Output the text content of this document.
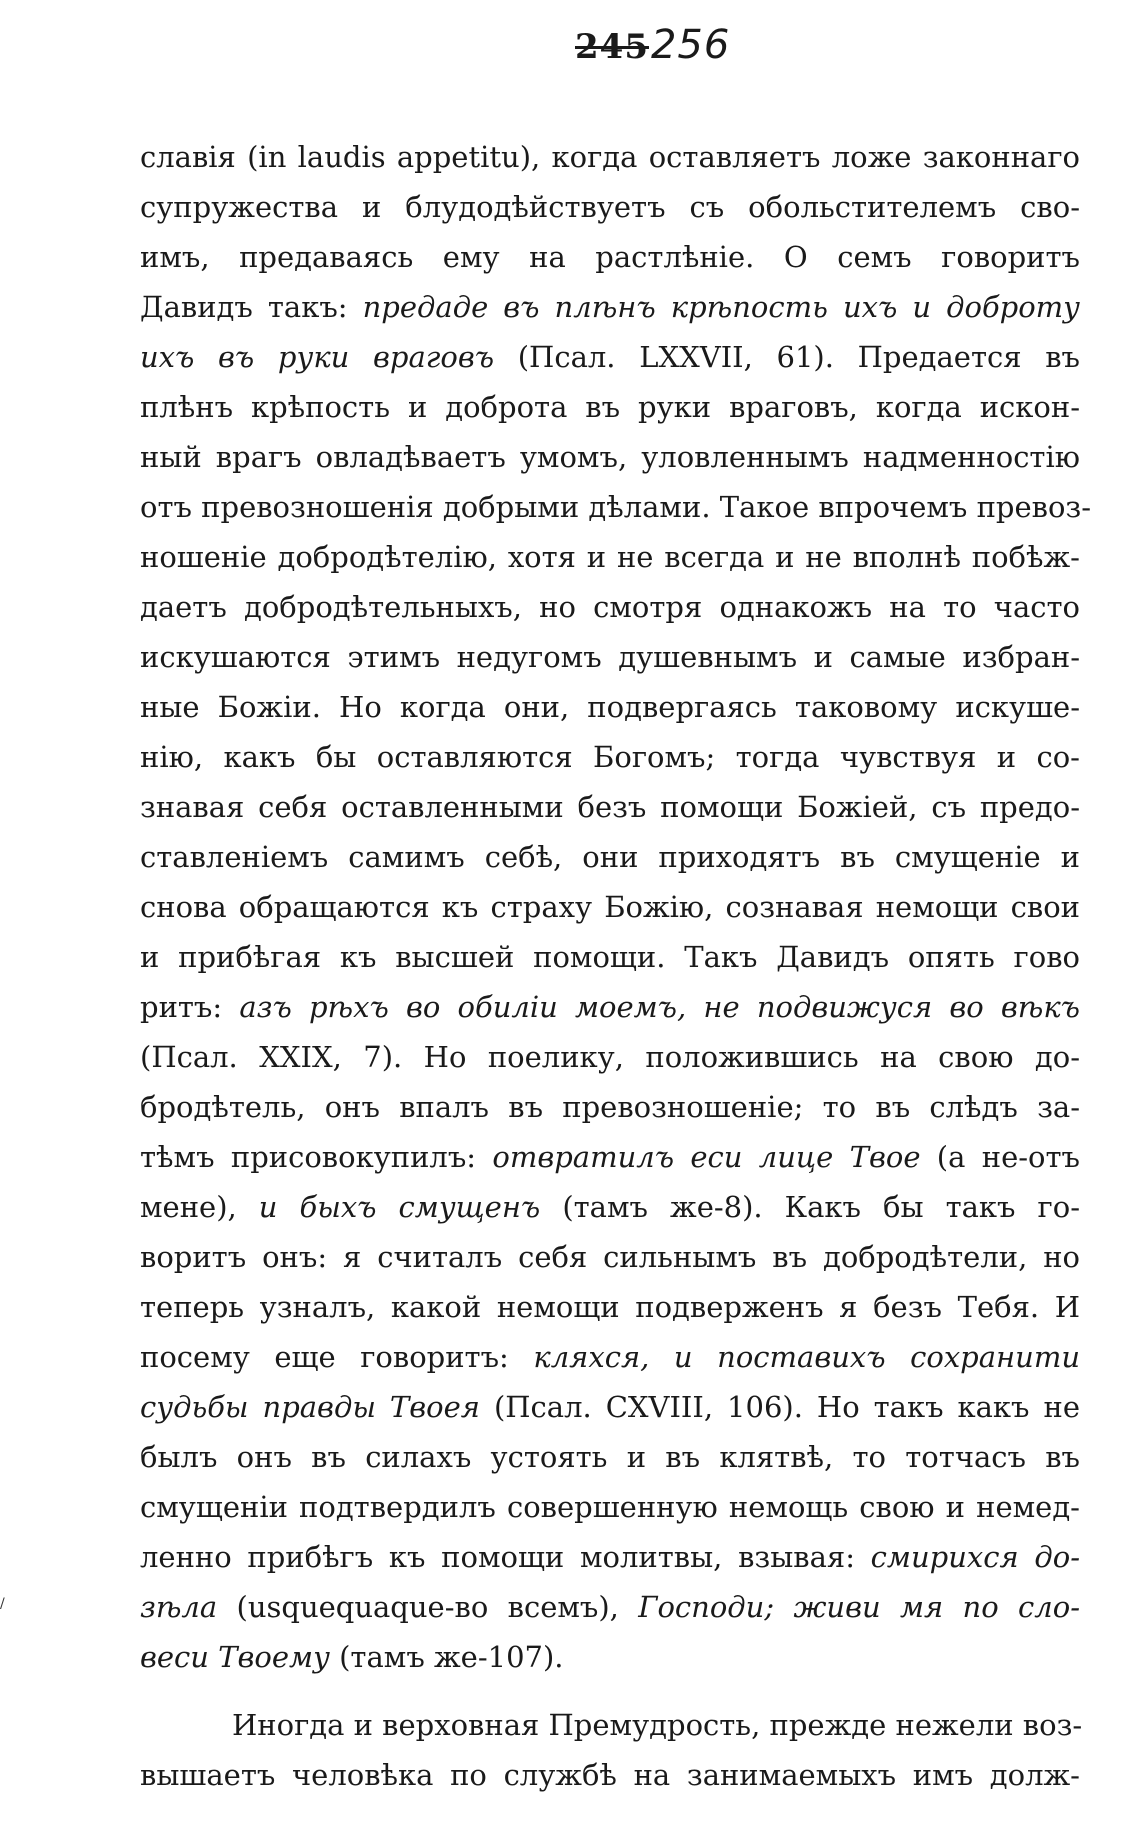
245256
славія (in laudis appetitu), когда оставляетъ ложе законнаго
супружества и блудодѣйствуетъ съ обольстителемъ сво-
имъ, предаваясь ему на растлѣніе. О семъ говоритъ
Давидъ такъ: предаде въ плѣнъ крѣпость ихъ и доброту
ихъ въ руки враговъ (Псал. LXXVII, 61). Предается въ
плѣнъ крѣпость и доброта въ руки враговъ, когда искон-
ный врагъ овладѣваетъ умомъ, уловленнымъ надменностію
отъ превозношенія добрыми дѣлами. Такое впрочемъ превоз-
ношеніе добродѣтелію, хотя и не всегда и не вполнѣ побѣж-
даетъ добродѣтельныхъ, но смотря однакожъ на то часто
искушаются этимъ недугомъ душевнымъ и самые избран-
ные Божіи. Но когда они, подвергаясь таковому искуше-
нію, какъ бы оставляются Богомъ; тогда чувствуя и со-
знавая себя оставленными безъ помощи Божіей, съ предо-
ставленіемъ самимъ себѣ, они приходятъ въ смущеніе и
снова обращаются къ страху Божію, сознавая немощи свои
и прибѣгая къ высшей помощи. Такъ Давидъ опять гово
ритъ: азъ рѣхъ во обиліи моемъ, не подвижуся во вѣкъ
(Псал. XXIX, 7). Но поелику, положившись на свою до-
бродѣтель, онъ впалъ въ превозношеніе; то въ слѣдъ за-
тѣмъ присовокупилъ: отвратилъ еси лице Твое (а не-отъ
мене), и быхъ смущенъ (тамъ же-8). Какъ бы такъ го-
воритъ онъ: я считалъ себя сильнымъ въ добродѣтели, но
теперь узналъ, какой немощи подверженъ я безъ Тебя. И
посему еще говоритъ: кляхся, и поставихъ сохранити
судьбы правды Твоея (Псал. CXVIII, 106). Но такъ какъ не
былъ онъ въ силахъ устоять и въ клятвѣ, то тотчасъ въ
смущеніи подтвердилъ совершенную немощь свою и немед-
ленно прибѣгъ къ помощи молитвы, взывая: смирихся до-
зѣла (usquequaque-во всемъ), Господи; живи мя по сло-
веси Твоему (тамъ же-107).
Иногда и верховная Премудрость, прежде нежели воз-
вышаетъ человѣка по службѣ на занимаемыхъ имъ долж-
/
